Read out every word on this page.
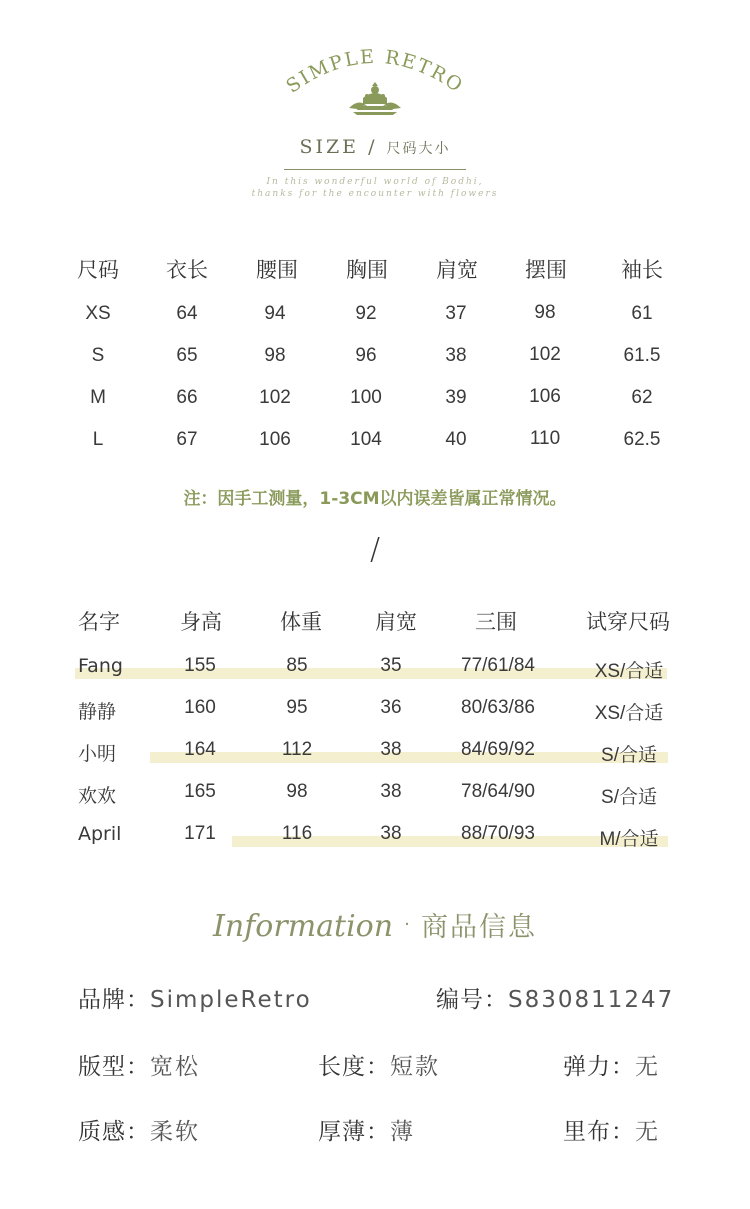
SIMPLE RETRO
SIZE / 尺码大小
In this wonderful world of Bodhi,
thanks for the encounter with flowers
尺码	衣长	腰围	胸围	肩宽	摆围	袖长
XS	64	94	92	37	98	61
S	65	98	96	38	102	61.5
M	66	102	100	39	106	62
L	67	106	104	40	110	62.5
注：因手工测量，1-3CM以内误差皆属正常情况。
/
名字	身高	体重	肩宽	三围	试穿尺码
Fang	155	85	35	77/61/84	XS/合适
静静	160	95	36	80/63/86	XS/合适
小明	164	112	38	84/69/92	S/合适
欢欢	165	98	38	78/64/90	S/合适
April	171	116	38	88/70/93	M/合适
Information · 商品信息
品牌：SimpleRetro	编号：S830811247
版型：宽松	长度：短款	弹力：无
质感：柔软	厚薄：薄	里布：无
